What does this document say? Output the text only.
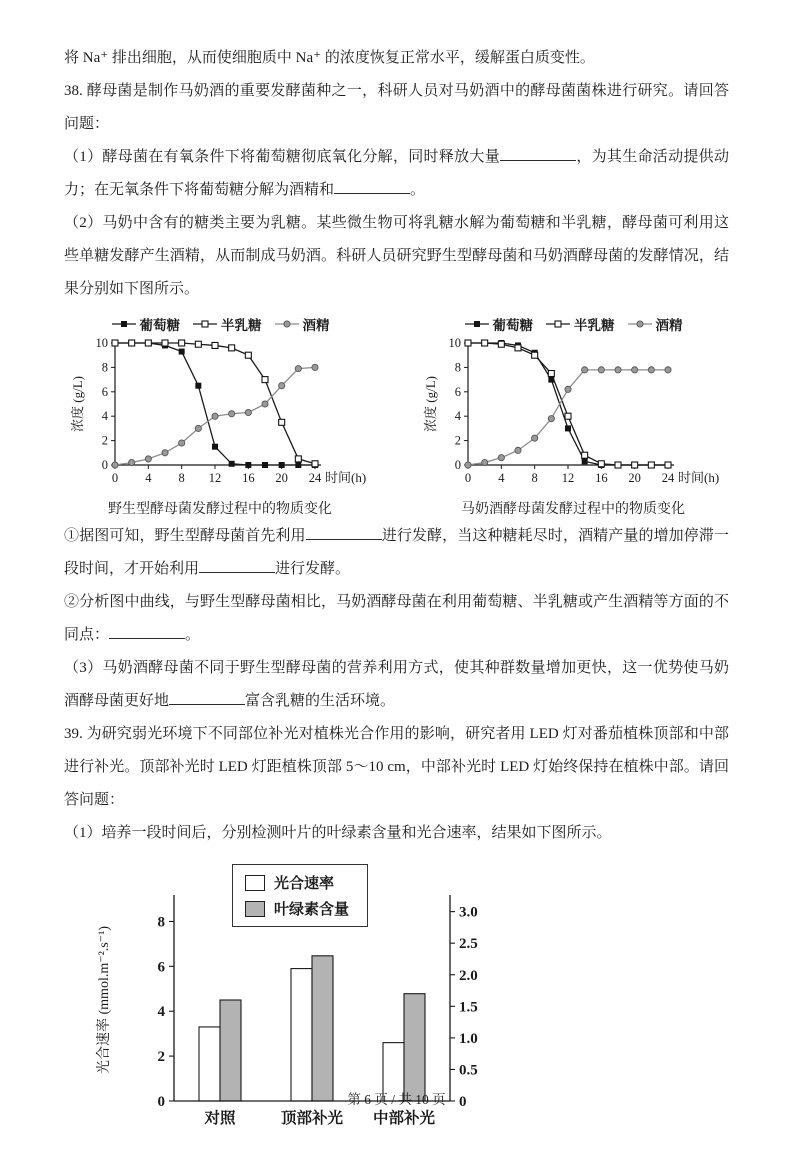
将 Na⁺ 排出细胞，从而使细胞质中 Na⁺ 的浓度恢复正常水平，缓解蛋白质变性。

38. 酵母菌是制作马奶酒的重要发酵菌种之一，科研人员对马奶酒中的酵母菌菌株进行研究。请回答问题：

（1）酵母菌在有氧条件下将葡萄糖彻底氧化分解，同时释放大量	，为其生命活动提供动力；在无氧条件下将葡萄糖分解为酒精和	。

（2）马奶中含有的糖类主要为乳糖。某些微生物可将乳糖水解为葡萄糖和半乳糖，酵母菌可利用这些单糖发酵产生酒精，从而制成马奶酒。科研人员研究野生型酵母菌和马奶酒酵母菌的发酵情况，结果分别如下图所示。

葡萄糖	半乳糖	酒精
0
2
4
6
8
10
0 4 8 12 16 20 24 时间(h)
浓度 (g/L)
野生型酵母菌发酵过程中的物质变化
葡萄糖	半乳糖	酒精
0
2
4
6
8
10
0 4 8 12 16 20 24 时间(h)
浓度 (g/L)
马奶酒酵母菌发酵过程中的物质变化

①据图可知，野生型酵母菌首先利用	进行发酵，当这种糖耗尽时，酒精产量的增加停滞一段时间，才开始利用	进行发酵。

②分析图中曲线，与野生型酵母菌相比，马奶酒酵母菌在利用葡萄糖、半乳糖或产生酒精等方面的不同点：	。

（3）马奶酒酵母菌不同于野生型酵母菌的营养利用方式，使其种群数量增加更快，这一优势使马奶酒酵母菌更好地	富含乳糖的生活环境。

39. 为研究弱光环境下不同部位补光对植株光合作用的影响，研究者用 LED 灯对番茄植株顶部和中部进行补光。顶部补光时 LED 灯距植株顶部 5～10 cm，中部补光时 LED 灯始终保持在植株中部。请回答问题：

（1）培养一段时间后，分别检测叶片的叶绿素含量和光合速率，结果如下图所示。

光合速率
叶绿素含量
对照	顶部补光 中部补光
0
2
4
6
8
0
0.5
1.0
1.5
2.0
2.5
3.0
光合速率 (mmol.m⁻².s⁻¹)
第 6 页 / 共 10 页
